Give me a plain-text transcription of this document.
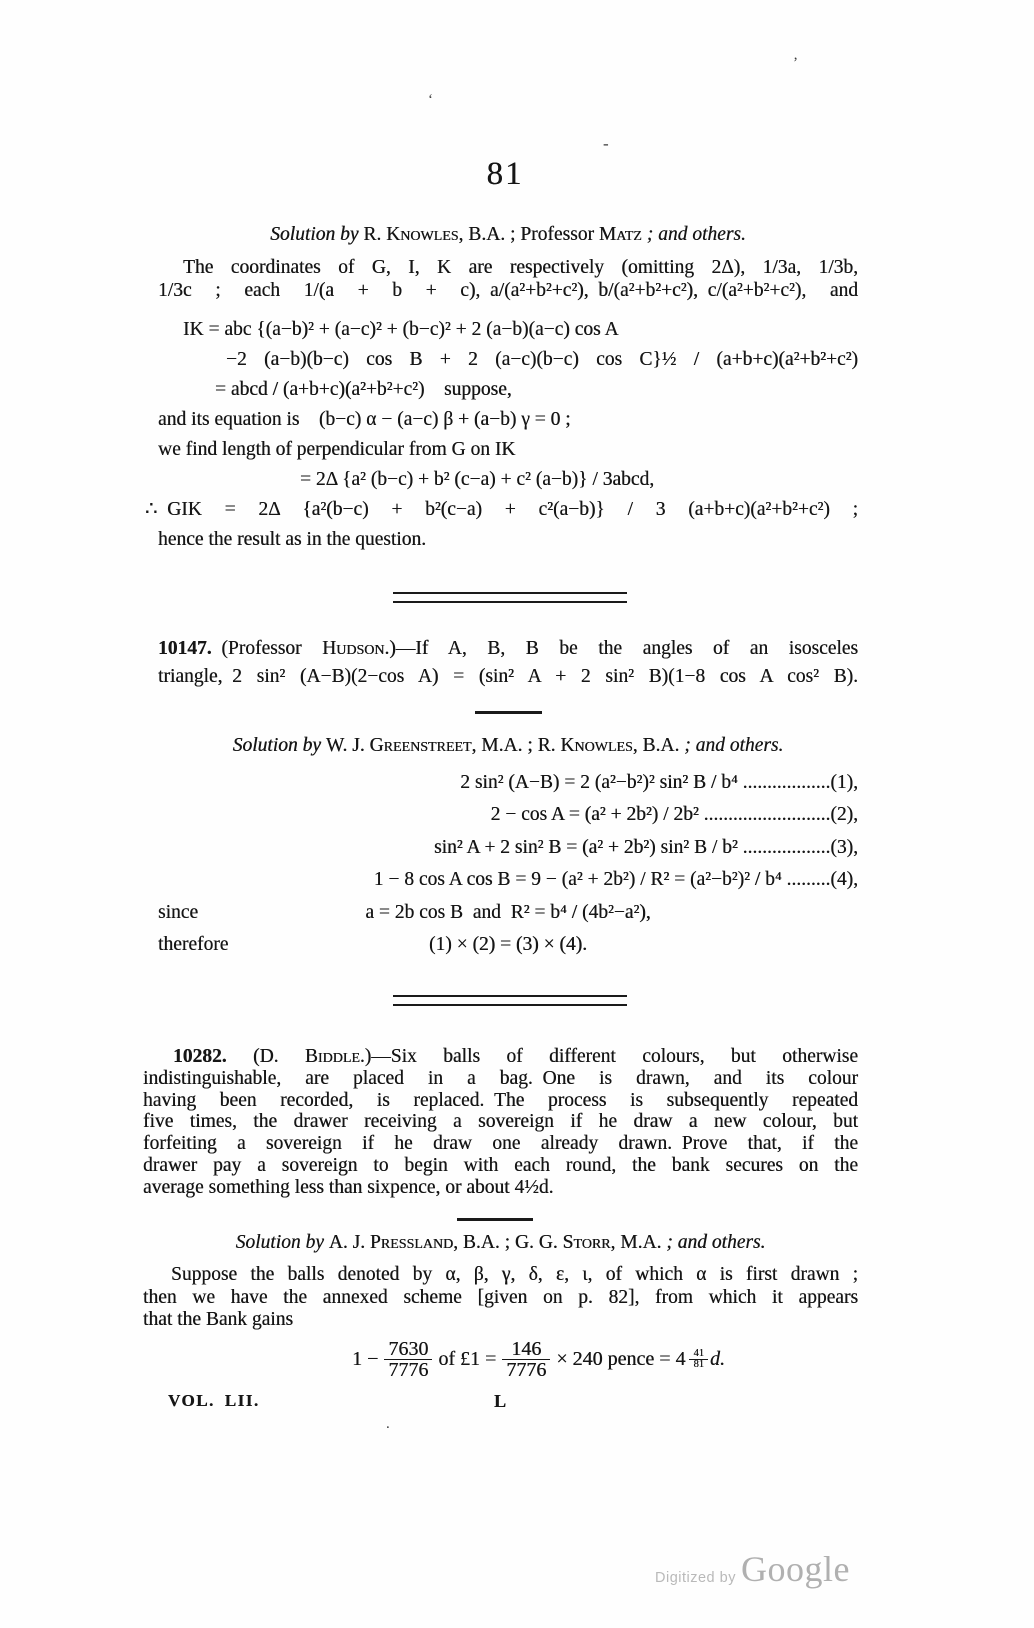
81
’
‘
-
.
Solution by R. Knowles, B.A. ; Professor Matz ; and others.
The coordinates of G, I, K are respectively (omitting 2Δ), 1/3a, 1/3b,
1/3c ; each 1/(a + b + c), a/(a²+b²+c²), b/(a²+b²+c²), c/(a²+b²+c²), and
IK = abc {(a−b)² + (a−c)² + (b−c)² + 2 (a−b)(a−c) cos A
−2 (a−b)(b−c) cos B + 2 (a−c)(b−c) cos C}½ / (a+b+c)(a²+b²+c²)
= abcd / (a+b+c)(a²+b²+c²) suppose,
and its equation is  (b−c) α − (a−c) β + (a−b) γ = 0 ;
we find length of perpendicular from G on IK
= 2Δ {a² (b−c) + b² (c−a) + c² (a−b)} / 3abcd,
∴ GIK = 2Δ {a²(b−c) + b²(c−a) + c²(a−b)} / 3 (a+b+c)(a²+b²+c²) ;
hence the result as in the question.
10147. (Professor Hudson.)—If A, B, B be the angles of an isosceles
triangle, 2 sin² (A−B)(2−cos A) = (sin² A + 2 sin² B)(1−8 cos A cos² B).
Solution by W. J. Greenstreet, M.A. ; R. Knowles, B.A. ; and others.
2 sin² (A−B) = 2 (a²−b²)² sin² B / b⁴ ..................(1),
2 − cos A = (a² + 2b²) / 2b² ..........................(2),
sin² A + 2 sin² B = (a² + 2b²) sin² B / b² ..................(3),
1 − 8 cos A cos B = 9 − (a² + 2b²) / R² = (a²−b²)² / b⁴ .........(4),
since	a = 2b cos B and R² = b⁴ / (4b²−a²),
therefore	(1) × (2) = (3) × (4).
10282. (D. Biddle.)—Six balls of different colours, but otherwise
indistinguishable, are placed in a bag. One is drawn, and its colour
having been recorded, is replaced. The process is subsequently repeated
five times, the drawer receiving a sovereign if he draw a new colour, but
forfeiting a sovereign if he draw one already drawn. Prove that, if the
drawer pay a sovereign to begin with each round, the bank secures on the
average something less than sixpence, or about 4½d.
Solution by A. J. Pressland, B.A. ; G. G. Storr, M.A. ; and others.
Suppose the balls denoted by α, β, γ, δ, ε, ι, of which α is first drawn ;
then we have the annexed scheme [given on p. 82], from which it appears
that the Bank gains
$1 - \frac{7630}{7776}$ of £1 = $\frac{146}{7776} \times 240$ pence = $4 \frac{41}{81} d$.
VOL. LII.	L
Digitized by Google
